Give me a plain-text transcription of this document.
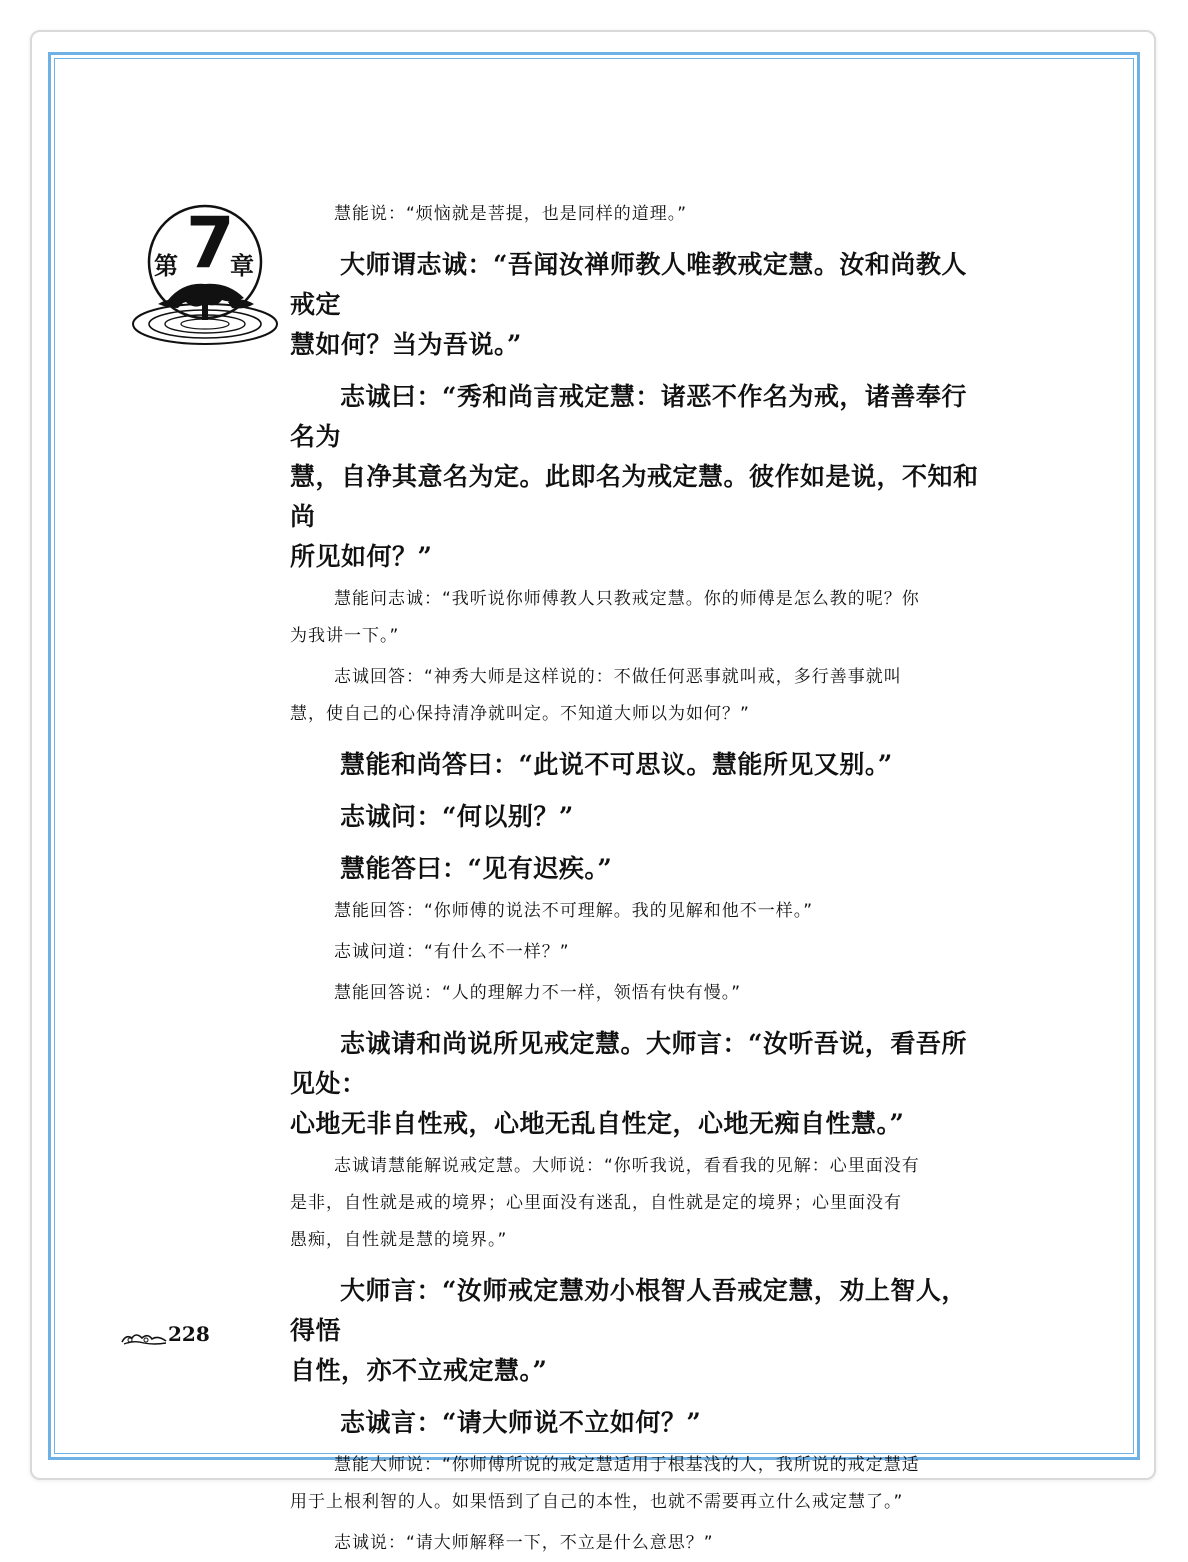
第 7
章

慧能说：“烦恼就是菩提，也是同样的道理。”

大师谓志诚：“吾闻汝禅师教人唯教戒定慧。汝和尚教人戒定
慧如何？当为吾说。”

志诚曰：“秀和尚言戒定慧：诸恶不作名为戒，诸善奉行名为
慧，自净其意名为定。此即名为戒定慧。彼作如是说，不知和尚
所见如何？”

慧能问志诚：“我听说你师傅教人只教戒定慧。你的师傅是怎么教的呢？你
为我讲一下。”

志诚回答：“神秀大师是这样说的：不做任何恶事就叫戒，多行善事就叫
慧，使自己的心保持清净就叫定。不知道大师以为如何？”

慧能和尚答曰：“此说不可思议。慧能所见又别。”

志诚问：“何以别？”

慧能答曰：“见有迟疾。”

慧能回答：“你师傅的说法不可理解。我的见解和他不一样。”

志诚问道：“有什么不一样？”

慧能回答说：“人的理解力不一样，领悟有快有慢。”

志诚请和尚说所见戒定慧。大师言：“汝听吾说，看吾所见处：
心地无非自性戒，心地无乱自性定，心地无痴自性慧。”

志诚请慧能解说戒定慧。大师说：“你听我说，看看我的见解：心里面没有
是非，自性就是戒的境界；心里面没有迷乱，自性就是定的境界；心里面没有
愚痴，自性就是慧的境界。”

大师言：“汝师戒定慧劝小根智人吾戒定慧，劝上智人，得悟
自性，亦不立戒定慧。”

志诚言：“请大师说不立如何？”

慧能大师说：“你师傅所说的戒定慧适用于根基浅的人，我所说的戒定慧适
用于上根利智的人。如果悟到了自己的本性，也就不需要再立什么戒定慧了。”

志诚说：“请大师解释一下，不立是什么意思？”

228
